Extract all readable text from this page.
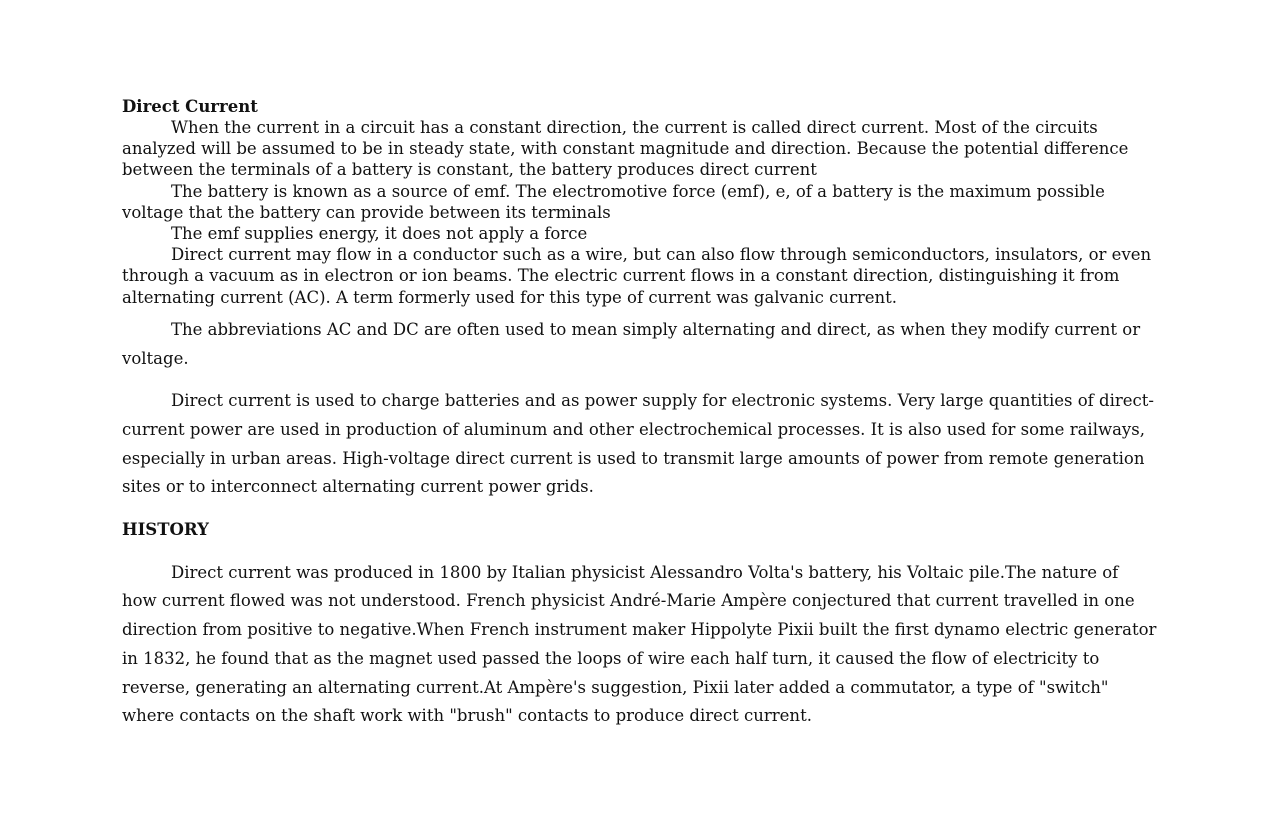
Direct Current

When the current in a circuit has a constant direction, the current is called direct current. Most of the circuits analyzed will be assumed to be in steady state, with constant magnitude and direction. Because the potential difference between the terminals of a battery is constant, the battery produces direct current

The battery is known as a source of emf. The electromotive force (emf), e, of a battery is the maximum possible voltage that the battery can provide between its terminals

The emf supplies energy, it does not apply a force

Direct current may flow in a conductor such as a wire, but can also flow through semiconductors, insulators, or even through a vacuum as in electron or ion beams. The electric current flows in a constant direction, distinguishing it from alternating current (AC). A term formerly used for this type of current was galvanic current.

The abbreviations AC and DC are often used to mean simply alternating and direct, as when they modify current or voltage.

Direct current is used to charge batteries and as power supply for electronic systems. Very large quantities of direct-current power are used in production of aluminum and other electrochemical processes. It is also used for some railways, especially in urban areas. High-voltage direct current is used to transmit large amounts of power from remote generation sites or to interconnect alternating current power grids.

HISTORY

Direct current was produced in 1800 by Italian physicist Alessandro Volta's battery, his Voltaic pile.The nature of how current flowed was not understood. French physicist André-Marie Ampère conjectured that current travelled in one direction from positive to negative.When French instrument maker Hippolyte Pixii built the first dynamo electric generator in 1832, he found that as the magnet used passed the loops of wire each half turn, it caused the flow of electricity to reverse, generating an alternating current.At Ampère's suggestion, Pixii later added a commutator, a type of "switch" where contacts on the shaft work with "brush" contacts to produce direct current.
